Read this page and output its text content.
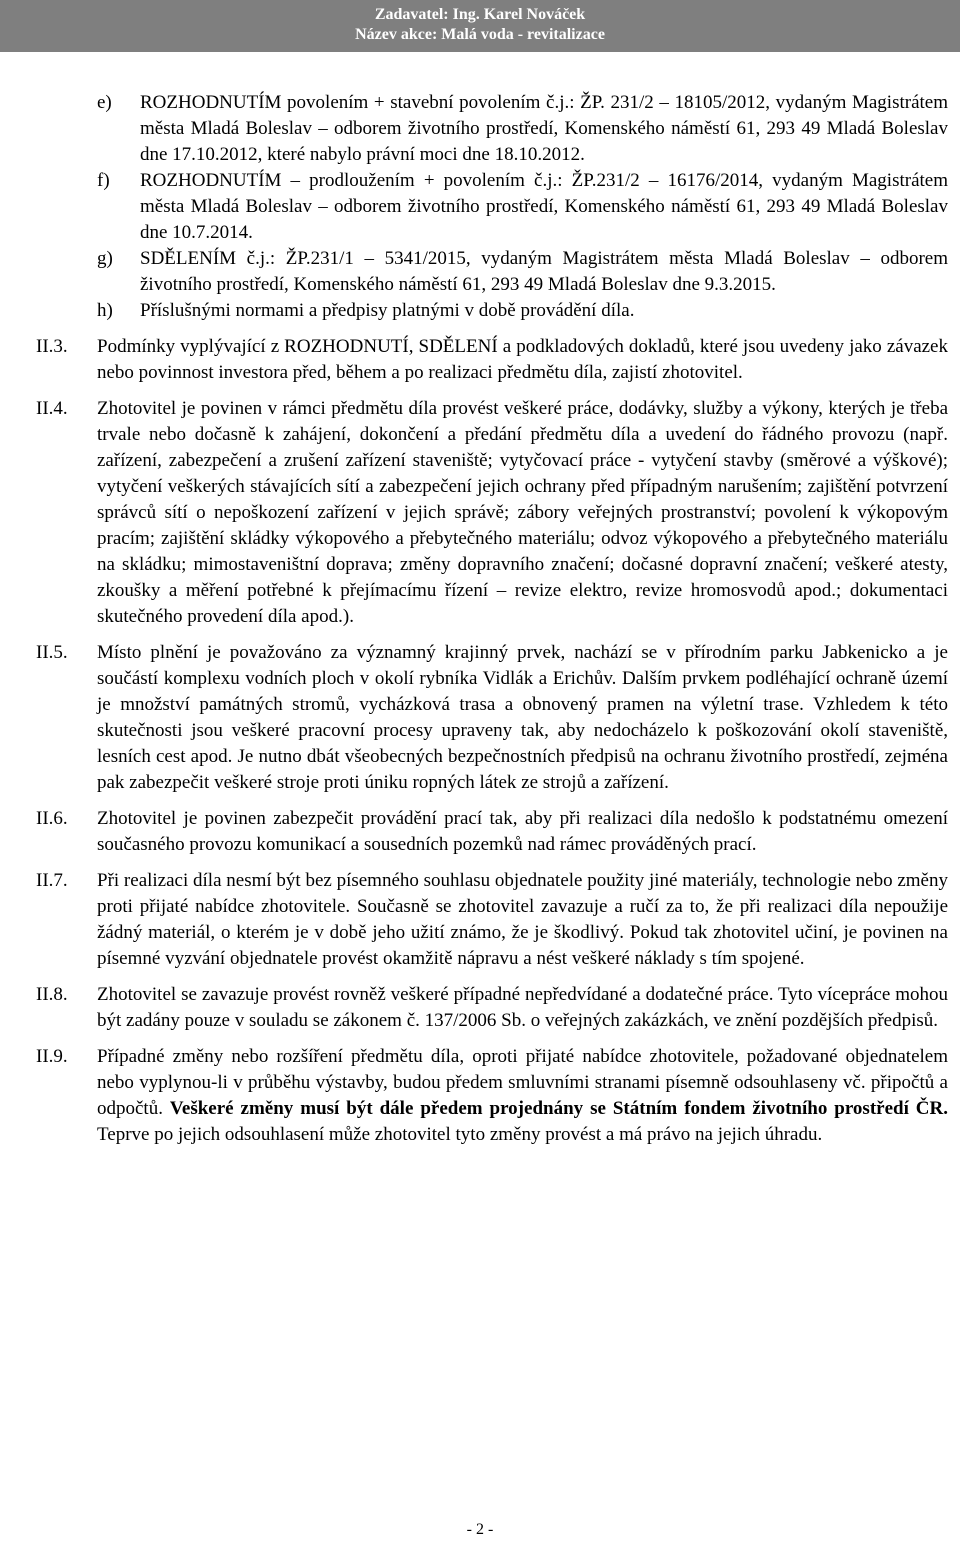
Zadavatel: Ing. Karel Nováček
Název akce: Malá voda - revitalizace
e) ROZHODNUTÍM povolením + stavební povolením č.j.: ŽP. 231/2 – 18105/2012, vydaným Magistrátem města Mladá Boleslav – odborem životního prostředí, Komenského náměstí 61, 293 49 Mladá Boleslav dne 17.10.2012, které nabylo právní moci dne 18.10.2012.
f) ROZHODNUTÍM – prodloužením + povolením č.j.: ŽP.231/2 – 16176/2014, vydaným Magistrátem města Mladá Boleslav – odborem životního prostředí, Komenského náměstí 61, 293 49 Mladá Boleslav dne 10.7.2014.
g) SDĚLENÍM č.j.: ŽP.231/1 – 5341/2015, vydaným Magistrátem města Mladá Boleslav – odborem životního prostředí, Komenského náměstí 61, 293 49 Mladá Boleslav dne 9.3.2015.
h) Příslušnými normami a předpisy platnými v době provádění díla.
II.3. Podmínky vyplývající z ROZHODNUTÍ, SDĚLENÍ a podkladových dokladů, které jsou uvedeny jako závazek nebo povinnost investora před, během a po realizaci předmětu díla, zajistí zhotovitel.
II.4. Zhotovitel je povinen v rámci předmětu díla provést veškeré práce, dodávky, služby a výkony, kterých je třeba trvale nebo dočasně k zahájení, dokončení a předání předmětu díla a uvedení do řádného provozu (např. zařízení, zabezpečení a zrušení zařízení staveniště; vytyčovací práce - vytyčení stavby (směrové a výškové); vytyčení veškerých stávajících sítí a zabezpečení jejich ochrany před případným narušením; zajištění potvrzení správců sítí o nepoškození zařízení v jejich správě; zábory veřejných prostranství; povolení k výkopovým pracím; zajištění skládky výkopového a přebytečného materiálu; odvoz výkopového a přebytečného materiálu na skládku; mimostaveništní doprava; změny dopravního značení; dočasné dopravní značení; veškeré atesty, zkoušky a měření potřebné k přejímacímu řízení – revize elektro, revize hromosvodů apod.; dokumentaci skutečného provedení díla apod.).
II.5. Místo plnění je považováno za významný krajinný prvek, nachází se v přírodním parku Jabkenicko a je součástí komplexu vodních ploch v okolí rybníka Vidlák a Erichův. Dalším prvkem podléhající ochraně území je množství památných stromů, vycházková trasa a obnovený pramen na výletní trase. Vzhledem k této skutečnosti jsou veškeré pracovní procesy upraveny tak, aby nedocházelo k poškozování okolí staveniště, lesních cest apod. Je nutno dbát všeobecných bezpečnostních předpisů na ochranu životního prostředí, zejména pak zabezpečit veškeré stroje proti úniku ropných látek ze strojů a zařízení.
II.6. Zhotovitel je povinen zabezpečit provádění prací tak, aby při realizaci díla nedošlo k podstatnému omezení současného provozu komunikací a sousedních pozemků nad rámec prováděných prací.
II.7. Při realizaci díla nesmí být bez písemného souhlasu objednatele použity jiné materiály, technologie nebo změny proti přijaté nabídce zhotovitele. Současně se zhotovitel zavazuje a ručí za to, že při realizaci díla nepoužije žádný materiál, o kterém je v době jeho užití známo, že je škodlivý. Pokud tak zhotovitel učiní, je povinen na písemné vyzvání objednatele provést okamžitě nápravu a nést veškeré náklady s tím spojené.
II.8. Zhotovitel se zavazuje provést rovněž veškeré případné nepředvídané a dodatečné práce. Tyto vícepráce mohou být zadány pouze v souladu se zákonem č. 137/2006 Sb. o veřejných zakázkách, ve znění pozdějších předpisů.
II.9. Případné změny nebo rozšíření předmětu díla, oproti přijaté nabídce zhotovitele, požadované objednatelem nebo vyplynou-li v průběhu výstavby, budou předem smluvními stranami písemně odsouhlaseny vč. připočtů a odpočtů. Veškeré změny musí být dále předem projednány se Státním fondem životního prostředí ČR. Teprve po jejich odsouhlasení může zhotovitel tyto změny provést a má právo na jejich úhradu.
- 2 -
